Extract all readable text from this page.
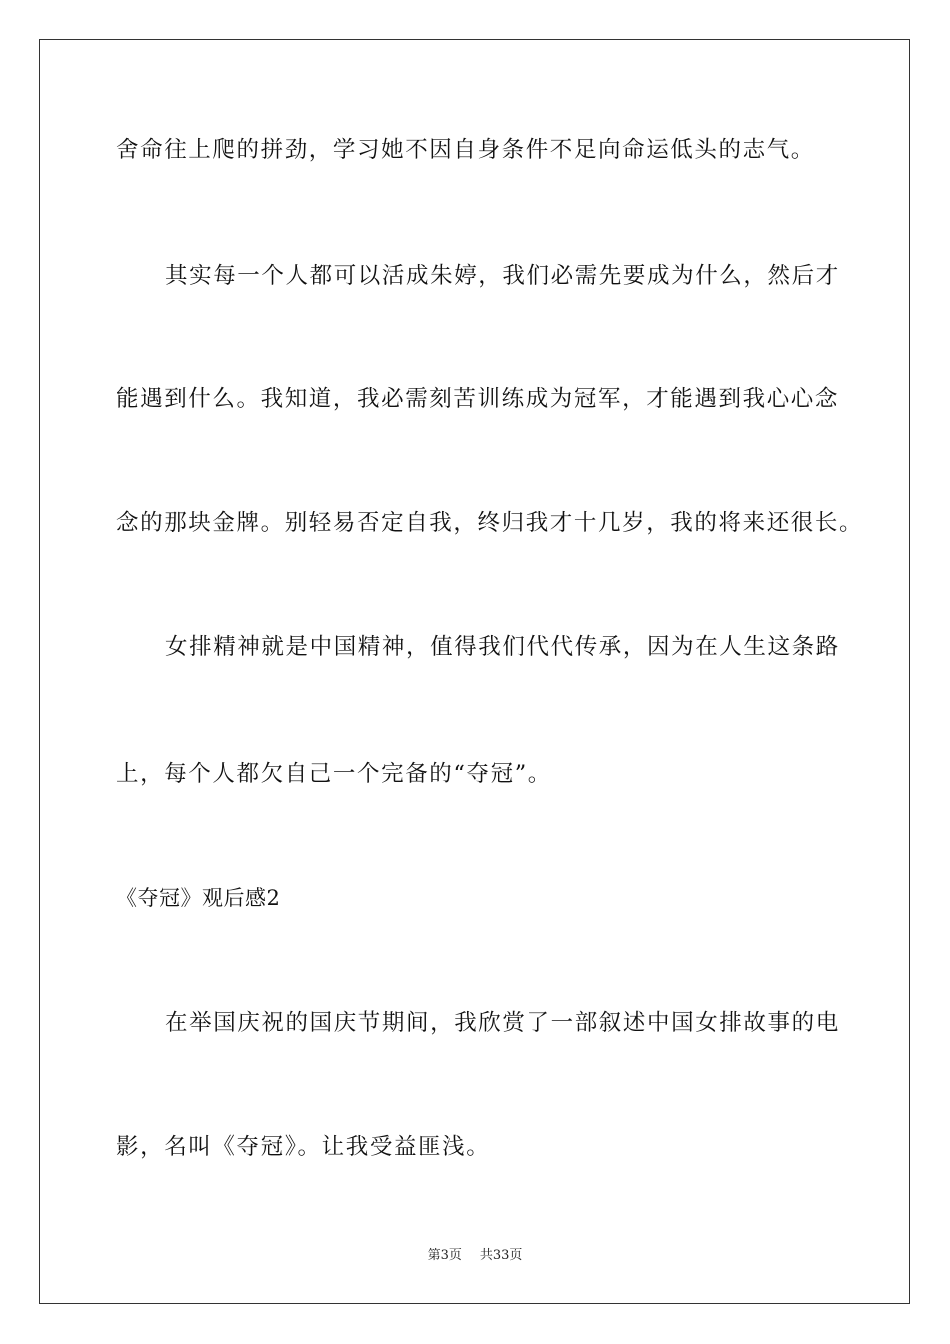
舍命往上爬的拼劲，学习她不因自身条件不足向命运低头的志气。
其实每一个人都可以活成朱婷，我们必需先要成为什么，然后才
能遇到什么。我知道，我必需刻苦训练成为冠军，才能遇到我心心念
念的那块金牌。别轻易否定自我，终归我才十几岁，我的将来还很长。
女排精神就是中国精神，值得我们代代传承，因为在人生这条路
上，每个人都欠自己一个完备的“夺冠”。
《夺冠》观后感2
在举国庆祝的国庆节期间，我欣赏了一部叙述中国女排故事的电
影，名叫《夺冠》。让我受益匪浅。
第3页 共33页
